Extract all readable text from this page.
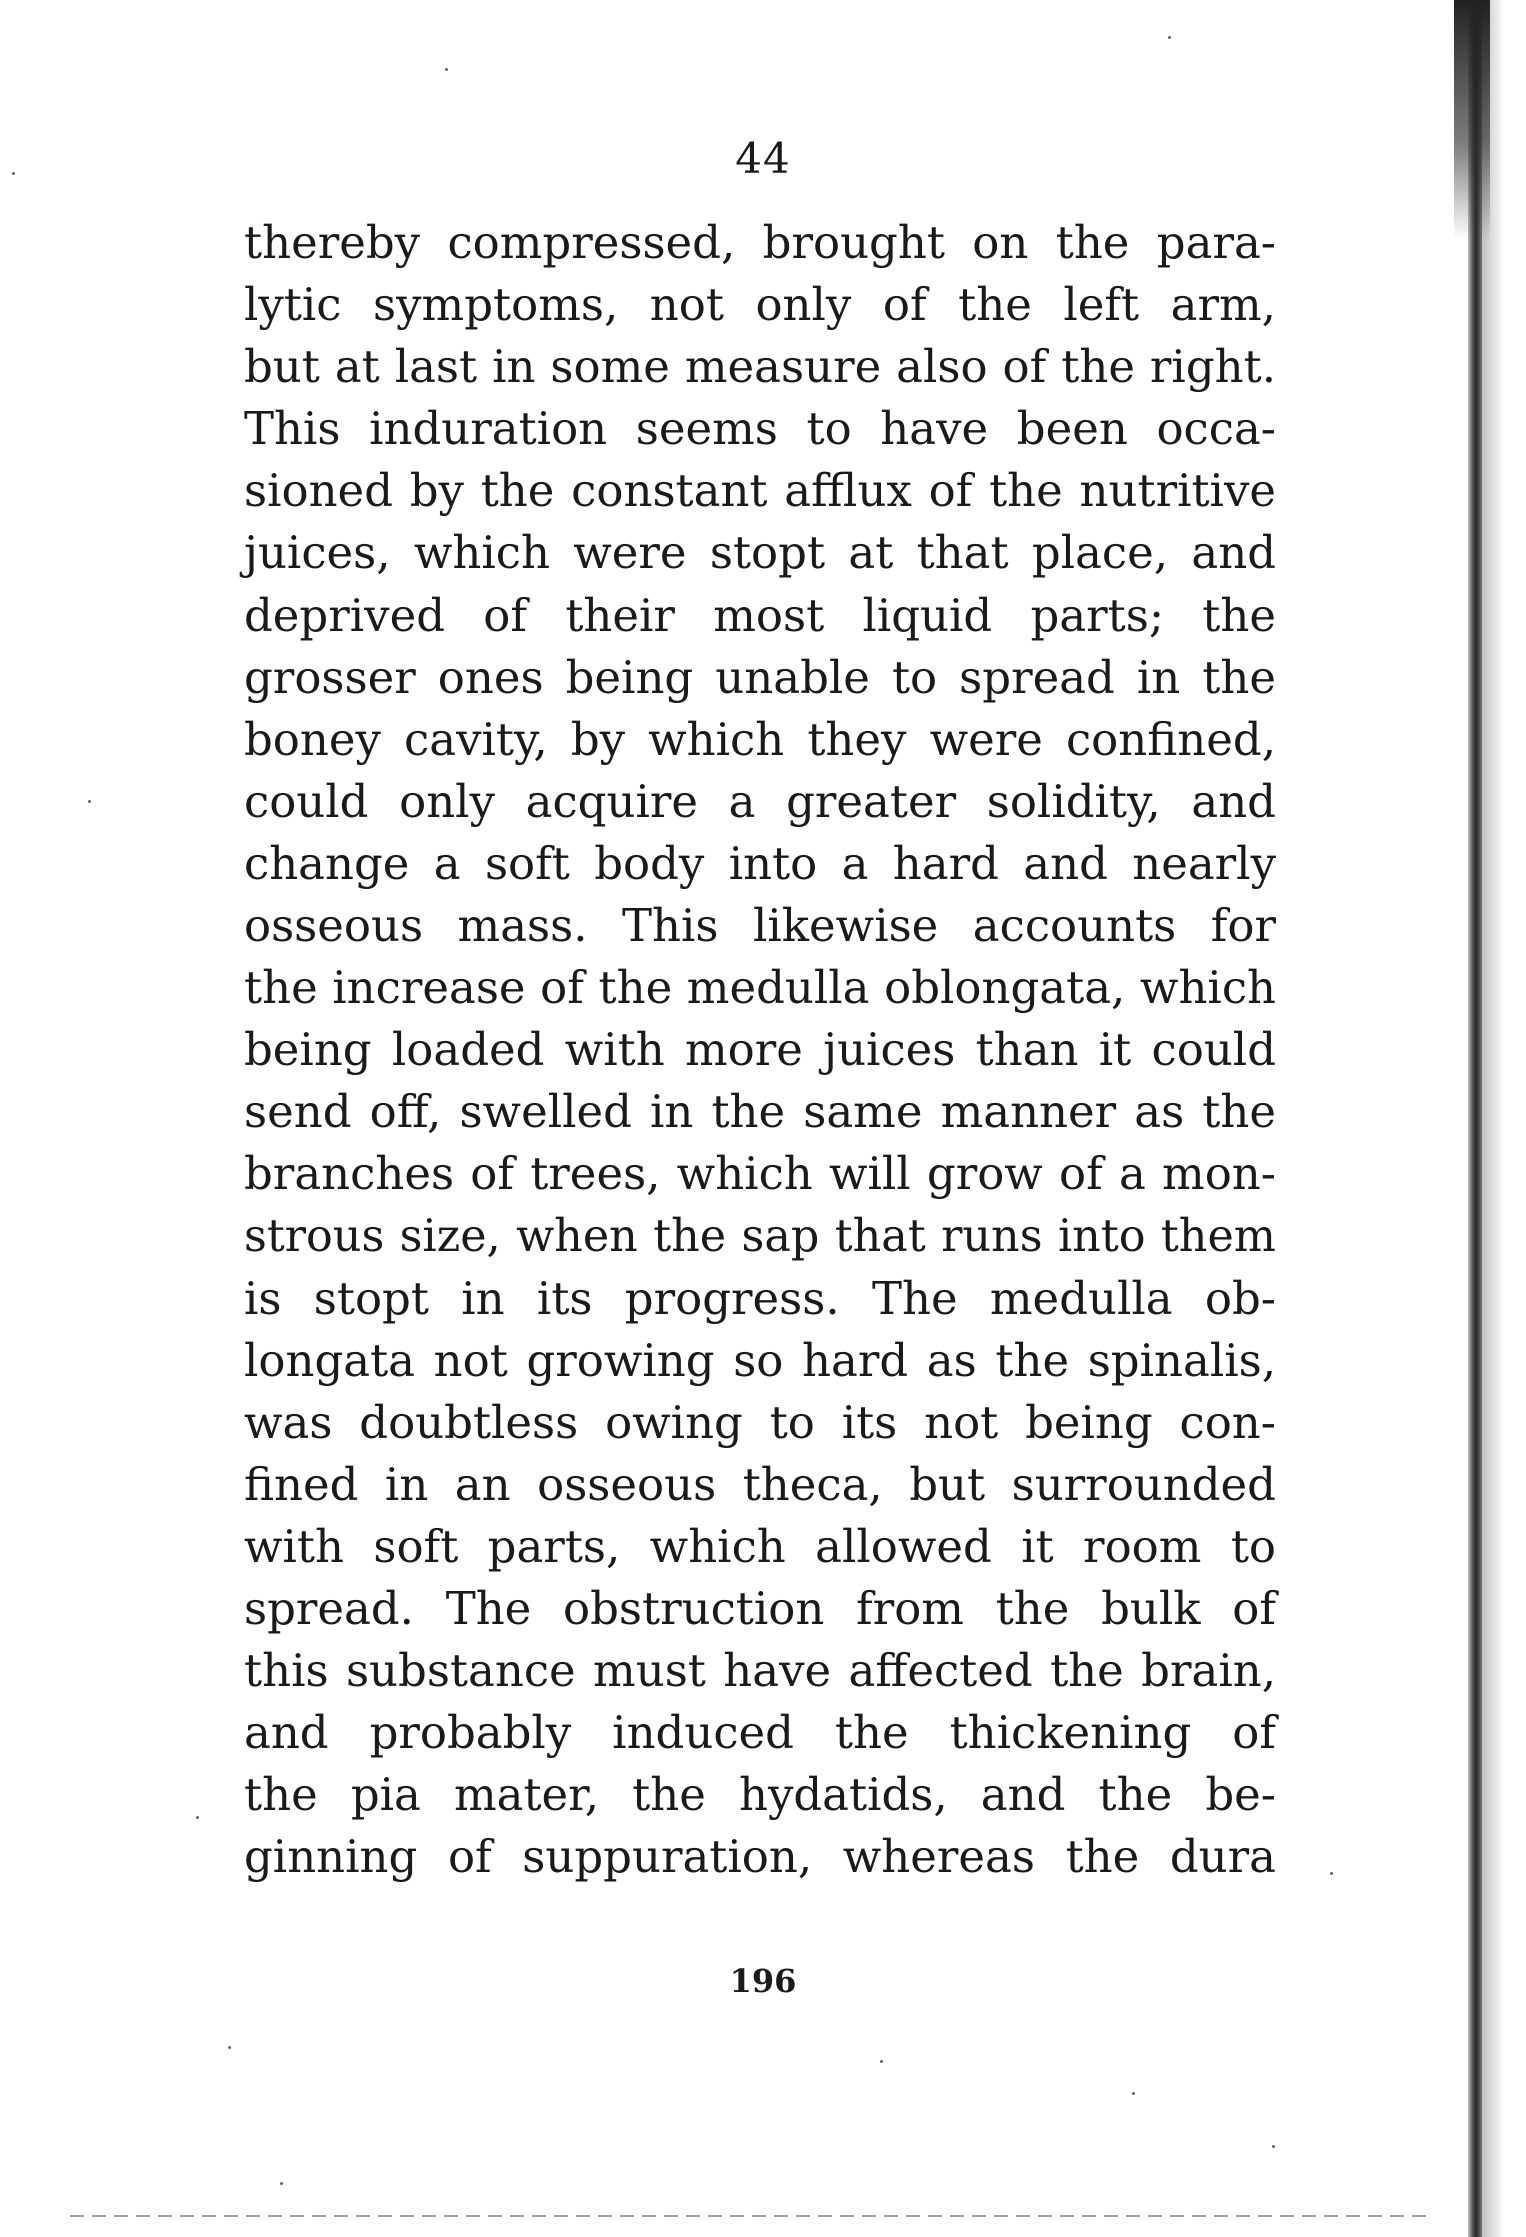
44
thereby compressed, brought on the para-
lytic symptoms, not only of the left arm,
but at last in some measure also of the right.
This induration seems to have been occa-
sioned by the constant afflux of the nutritive
juices, which were stopt at that place, and
deprived of their most liquid parts; the
grosser ones being unable to spread in the
boney cavity, by which they were confined,
could only acquire a greater solidity, and
change a soft body into a hard and nearly
osseous mass. This likewise accounts for
the increase of the medulla oblongata, which
being loaded with more juices than it could
send off, swelled in the same manner as the
branches of trees, which will grow of a mon-
strous size, when the sap that runs into them
is stopt in its progress. The medulla ob-
longata not growing so hard as the spinalis,
was doubtless owing to its not being con-
fined in an osseous theca, but surrounded
with soft parts, which allowed it room to
spread. The obstruction from the bulk of
this substance must have affected the brain,
and probably induced the thickening of
the pia mater, the hydatids, and the be-
ginning of suppuration, whereas the dura
196
